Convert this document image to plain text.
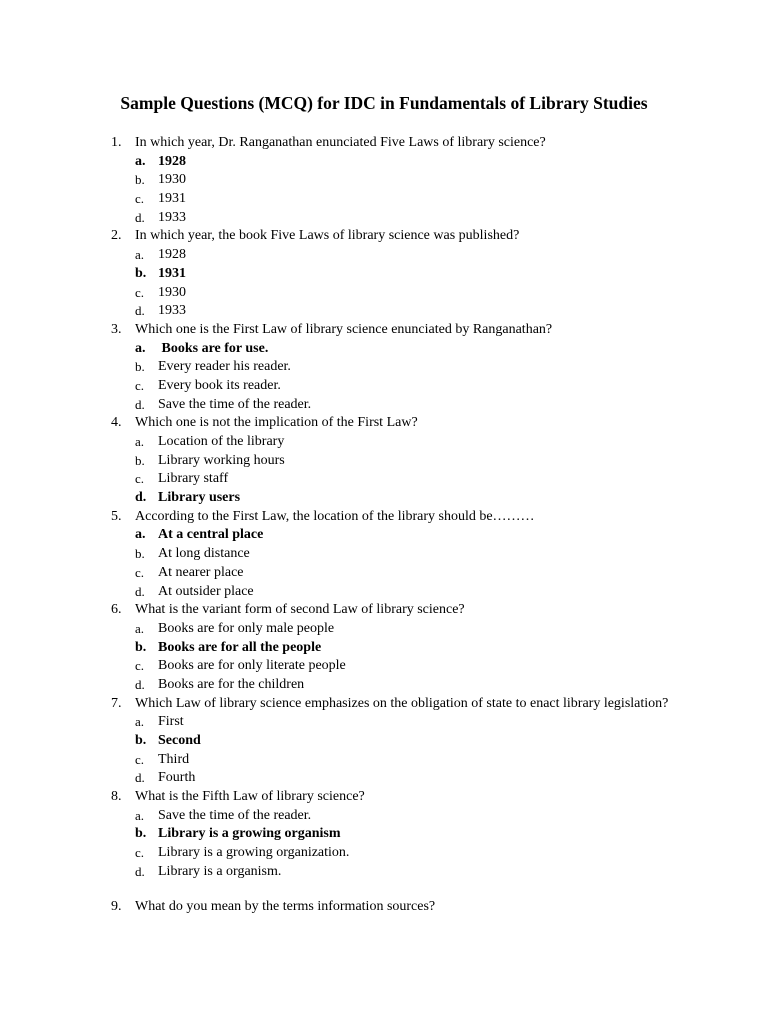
Sample Questions (MCQ) for IDC in Fundamentals of Library Studies
1. In which year, Dr. Ranganathan enunciated Five Laws of library science?
a. 1928
b. 1930
c. 1931
d. 1933
2. In which year, the book Five Laws of library science was published?
a. 1928
b. 1931
c. 1930
d. 1933
3. Which one is the First Law of library science enunciated by Ranganathan?
a. Books are for use.
b. Every reader his reader.
c. Every book its reader.
d. Save the time of the reader.
4. Which one is not the implication of the First Law?
a. Location of the library
b. Library working hours
c. Library staff
d. Library users
5. According to the First Law, the location of the library should be………
a. At a central place
b. At long distance
c. At nearer place
d. At outsider place
6. What is the variant form of second Law of library science?
a. Books are for only male people
b. Books are for all the people
c. Books are for only literate people
d. Books are for the children
7. Which Law of library science emphasizes on the obligation of state to enact library legislation?
a. First
b. Second
c. Third
d. Fourth
8. What is the Fifth Law of library science?
a. Save the time of the reader.
b. Library is a growing organism
c. Library is a growing organization.
d. Library is a organism.
9. What do you mean by the terms information sources?
